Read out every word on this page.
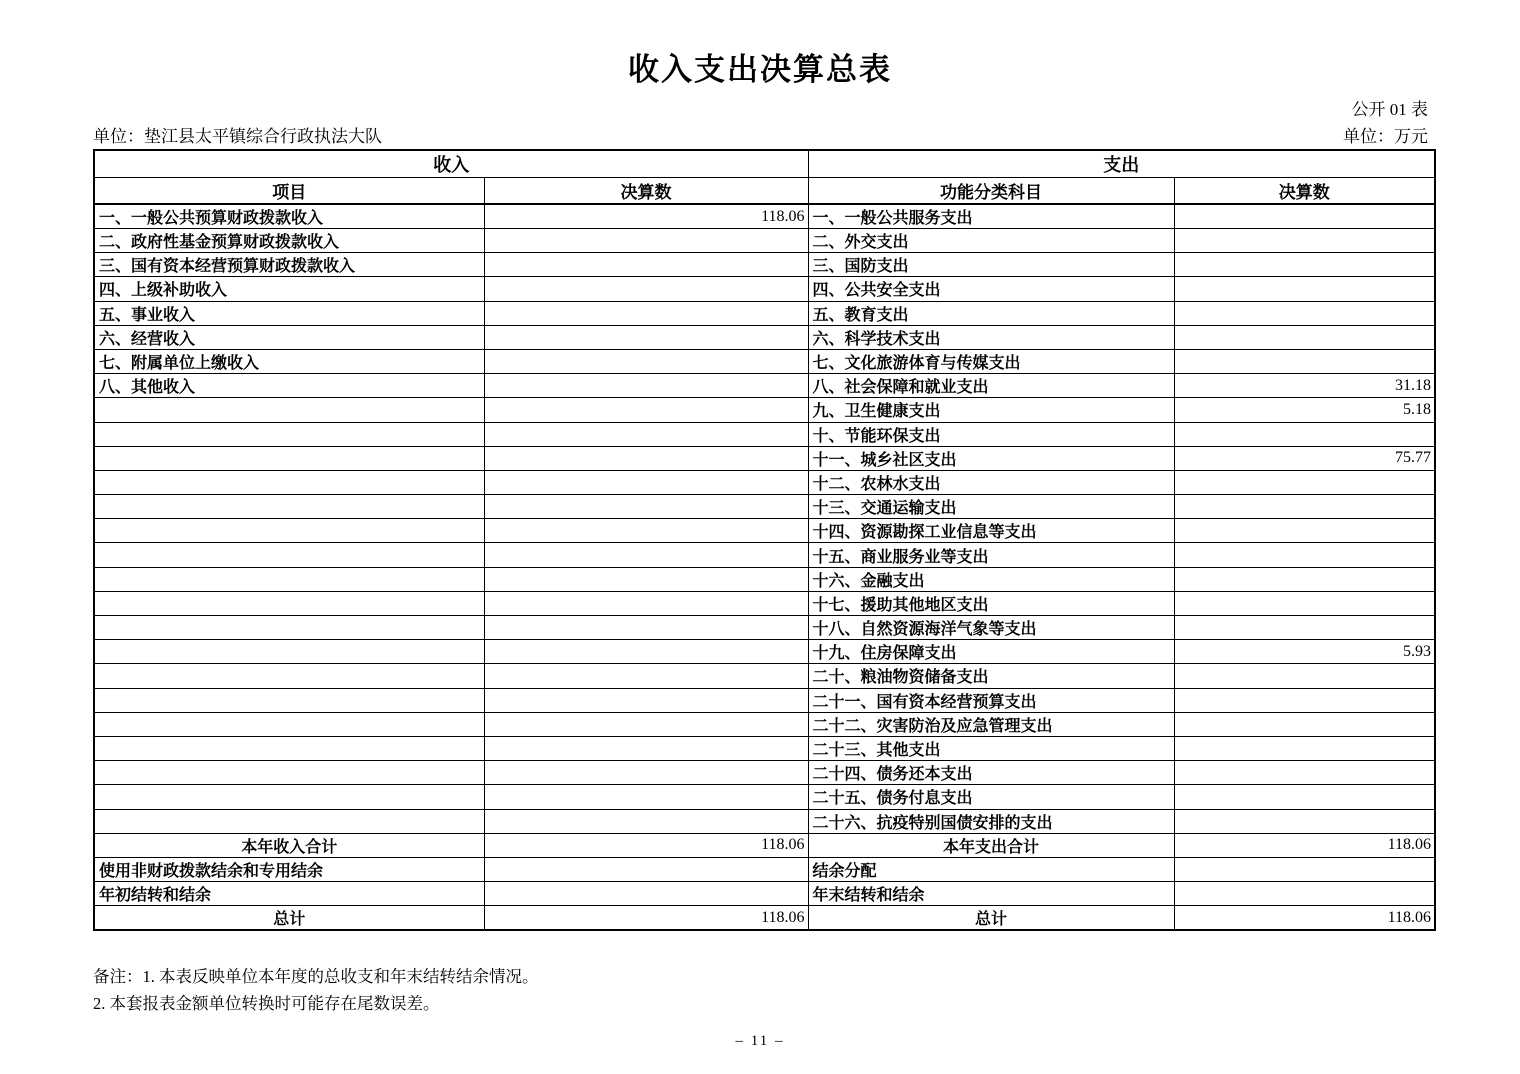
收入支出决算总表
公开 01 表
单位：垫江县太平镇综合行政执法大队	单位：万元
收入		支出	
项目	决算数	功能分类科目	决算数
一、一般公共预算财政拨款收入	118.06	一、一般公共服务支出	
二、政府性基金预算财政拨款收入		二、外交支出	
三、国有资本经营预算财政拨款收入		三、国防支出	
四、上级补助收入		四、公共安全支出	
五、事业收入		五、教育支出	
六、经营收入		六、科学技术支出	
七、附属单位上缴收入		七、文化旅游体育与传媒支出	
八、其他收入		八、社会保障和就业支出	31.18
		九、卫生健康支出	5.18
		十、节能环保支出	
		十一、城乡社区支出	75.77
		十二、农林水支出	
		十三、交通运输支出	
		十四、资源勘探工业信息等支出	
		十五、商业服务业等支出	
		十六、金融支出	
		十七、援助其他地区支出	
		十八、自然资源海洋气象等支出	
		十九、住房保障支出	5.93
		二十、粮油物资储备支出	
		二十一、国有资本经营预算支出	
		二十二、灾害防治及应急管理支出	
		二十三、其他支出	
		二十四、债务还本支出	
		二十五、债务付息支出	
		二十六、抗疫特别国债安排的支出	
本年收入合计	118.06	本年支出合计	118.06
使用非财政拨款结余和专用结余		结余分配	
年初结转和结余		年末结转和结余	
总计	118.06	总计	118.06
备注：1. 本表反映单位本年度的总收支和年末结转结余情况。
2. 本套报表金额单位转换时可能存在尾数误差。
– 11 –
